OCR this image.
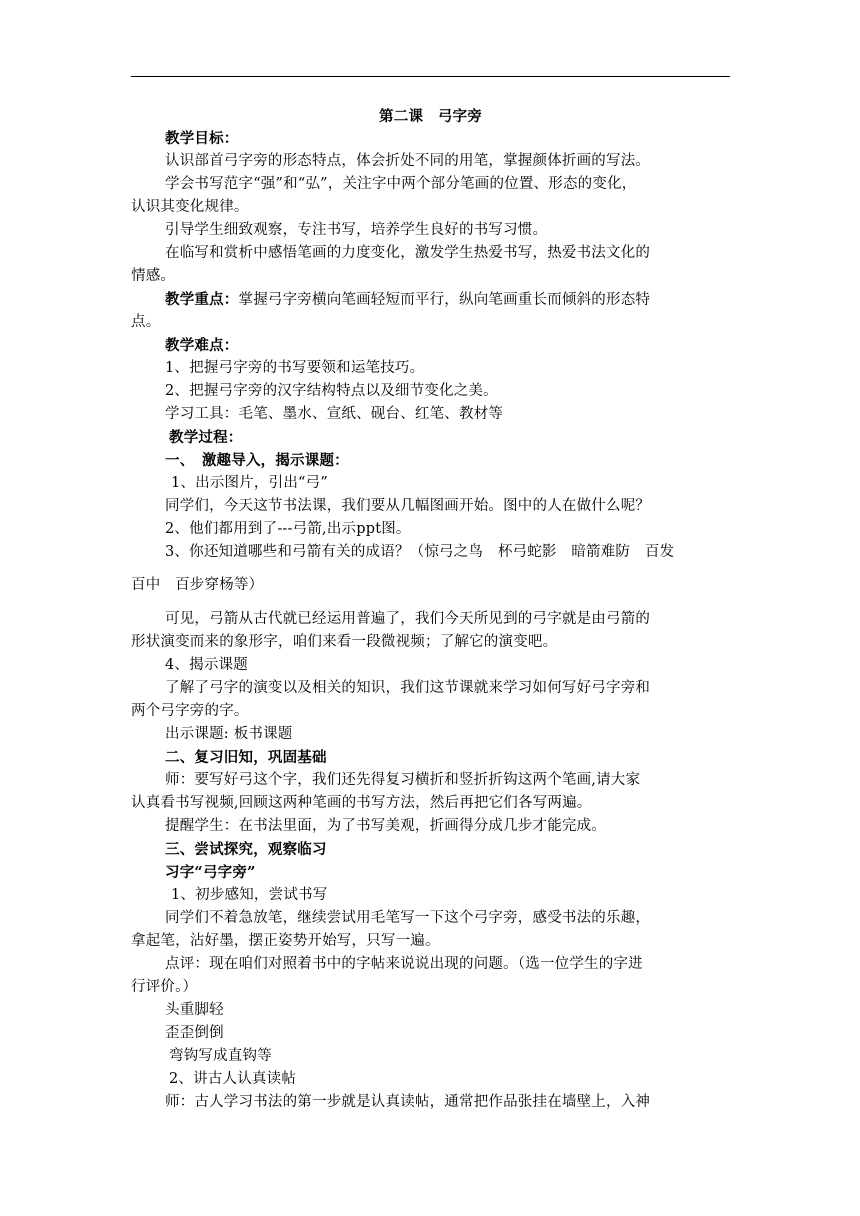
第二课　弓字旁
教学目标：
认识部首弓字旁的形态特点，体会折处不同的用笔，掌握颜体折画的写法。
学会书写范字“强”和“弘”，关注字中两个部分笔画的位置、形态的变化，
认识其变化规律。
引导学生细致观察，专注书写，培养学生良好的书写习惯。
在临写和赏析中感悟笔画的力度变化，激发学生热爱书写，热爱书法文化的
情感。
教学重点：掌握弓字旁横向笔画轻短而平行，纵向笔画重长而倾斜的形态特
点。
教学难点：
1、把握弓字旁的书写要领和运笔技巧。
2、把握弓字旁的汉字结构特点以及细节变化之美。
学习工具：毛笔、墨水、宣纸、砚台、红笔、教材等
教学过程：
一、　激趣导入，揭示课题：
1、出示图片，引出“弓”
同学们，今天这节书法课，我们要从几幅图画开始。图中的人在做什么呢？
2、他们都用到了---弓箭,出示ppt图。
3、你还知道哪些和弓箭有关的成语？（惊弓之鸟　杯弓蛇影　暗箭难防　百发
百中　百步穿杨等）
可见，弓箭从古代就已经运用普遍了，我们今天所见到的弓字就是由弓箭的
形状演变而来的象形字，咱们来看一段微视频；了解它的演变吧。
4、揭示课题
了解了弓字的演变以及相关的知识，我们这节课就来学习如何写好弓字旁和
两个弓字旁的字。
出示课题: 板书课题
二、复习旧知，巩固基础
师：要写好弓这个字，我们还先得复习横折和竖折折钩这两个笔画,请大家
认真看书写视频,回顾这两种笔画的书写方法，然后再把它们各写两遍。
提醒学生：在书法里面，为了书写美观，折画得分成几步才能完成。
三、尝试探究，观察临习
习字“弓字旁”
1、初步感知，尝试书写
同学们不着急放笔，继续尝试用毛笔写一下这个弓字旁，感受书法的乐趣，
拿起笔，沾好墨，摆正姿势开始写，只写一遍。
点评：现在咱们对照着书中的字帖来说说出现的问题。（选一位学生的字进
行评价。）
头重脚轻
歪歪倒倒
弯钩写成直钩等
2、讲古人认真读帖
师：古人学习书法的第一步就是认真读帖，通常把作品张挂在墙壁上，入神
